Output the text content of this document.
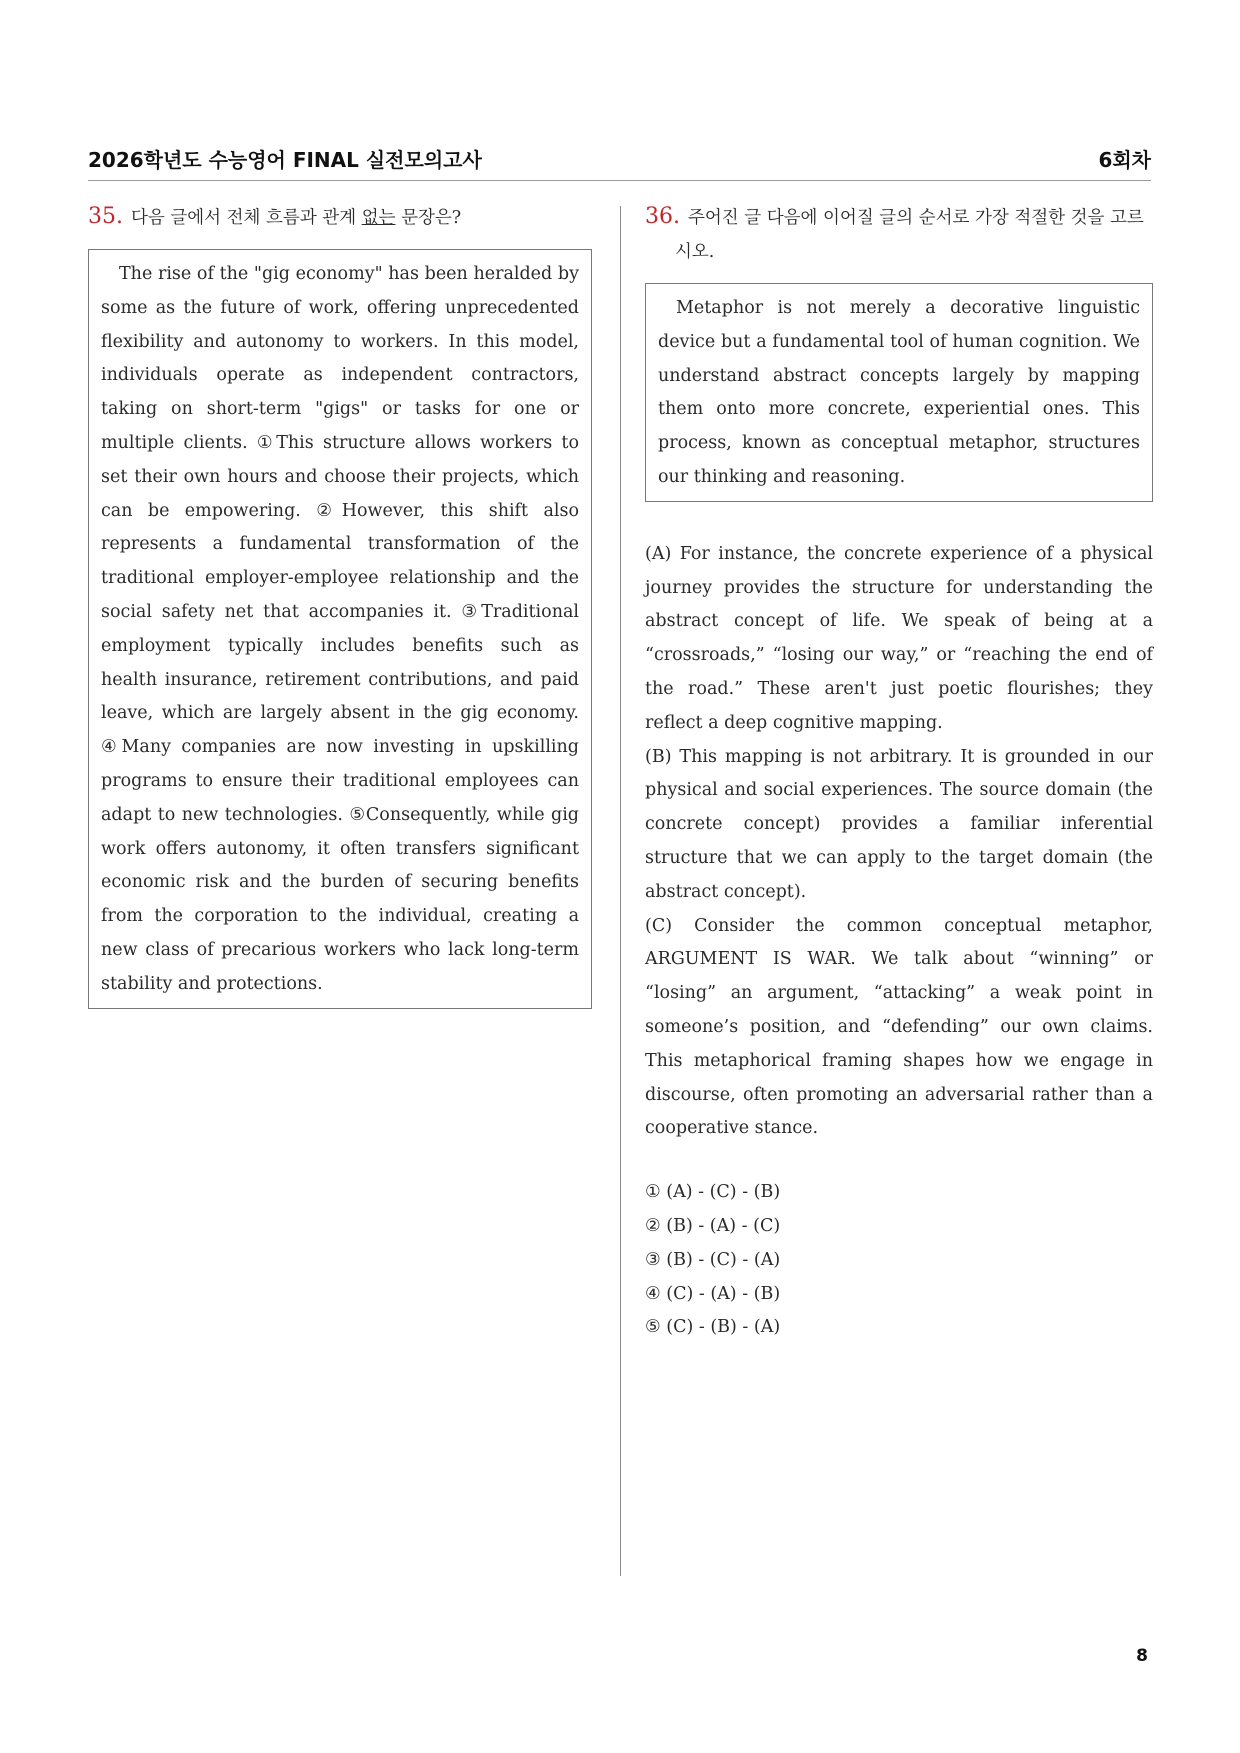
2026학년도 수능영어 FINAL 실전모의고사	6회차
35. 다음 글에서 전체 흐름과 관계 없는 문장은?
The rise of the "gig economy" has been heralded by some as the future of work, offering unprecedented flexibility and autonomy to workers. In this model, individuals operate as independent contractors, taking on short-term "gigs" or tasks for one or multiple clients. ①This structure allows workers to set their own hours and choose their projects, which can be empowering. ②However, this shift also represents a fundamental transformation of the traditional employer-employee relationship and the social safety net that accompanies it. ③Traditional employment typically includes benefits such as health insurance, retirement contributions, and paid leave, which are largely absent in the gig economy. ④Many companies are now investing in upskilling programs to ensure their traditional employees can adapt to new technologies. ⑤Consequently, while gig work offers autonomy, it often transfers significant economic risk and the burden of securing benefits from the corporation to the individual, creating a new class of precarious workers who lack long-term stability and protections.
36. 주어진 글 다음에 이어질 글의 순서로 가장 적절한 것을 고르시오.
Metaphor is not merely a decorative linguistic device but a fundamental tool of human cognition. We understand abstract concepts largely by mapping them onto more concrete, experiential ones. This process, known as conceptual metaphor, structures our thinking and reasoning.

(A) For instance, the concrete experience of a physical journey provides the structure for understanding the abstract concept of life. We speak of being at a “crossroads,” “losing our way,” or “reaching the end of the road.” These aren't just poetic flourishes; they reflect a deep cognitive mapping.

(B) This mapping is not arbitrary. It is grounded in our physical and social experiences. The source domain (the concrete concept) provides a familiar inferential structure that we can apply to the target domain (the abstract concept).

(C) Consider the common conceptual metaphor, ARGUMENT IS WAR. We talk about “winning” or “losing” an argument, “attacking” a weak point in someone’s position, and “defending” our own claims. This metaphorical framing shapes how we engage in discourse, often promoting an adversarial rather than a cooperative stance.

① (A) - (C) - (B)
② (B) - (A) - (C)
③ (B) - (C) - (A)
④ (C) - (A) - (B)
⑤ (C) - (B) - (A)
8
